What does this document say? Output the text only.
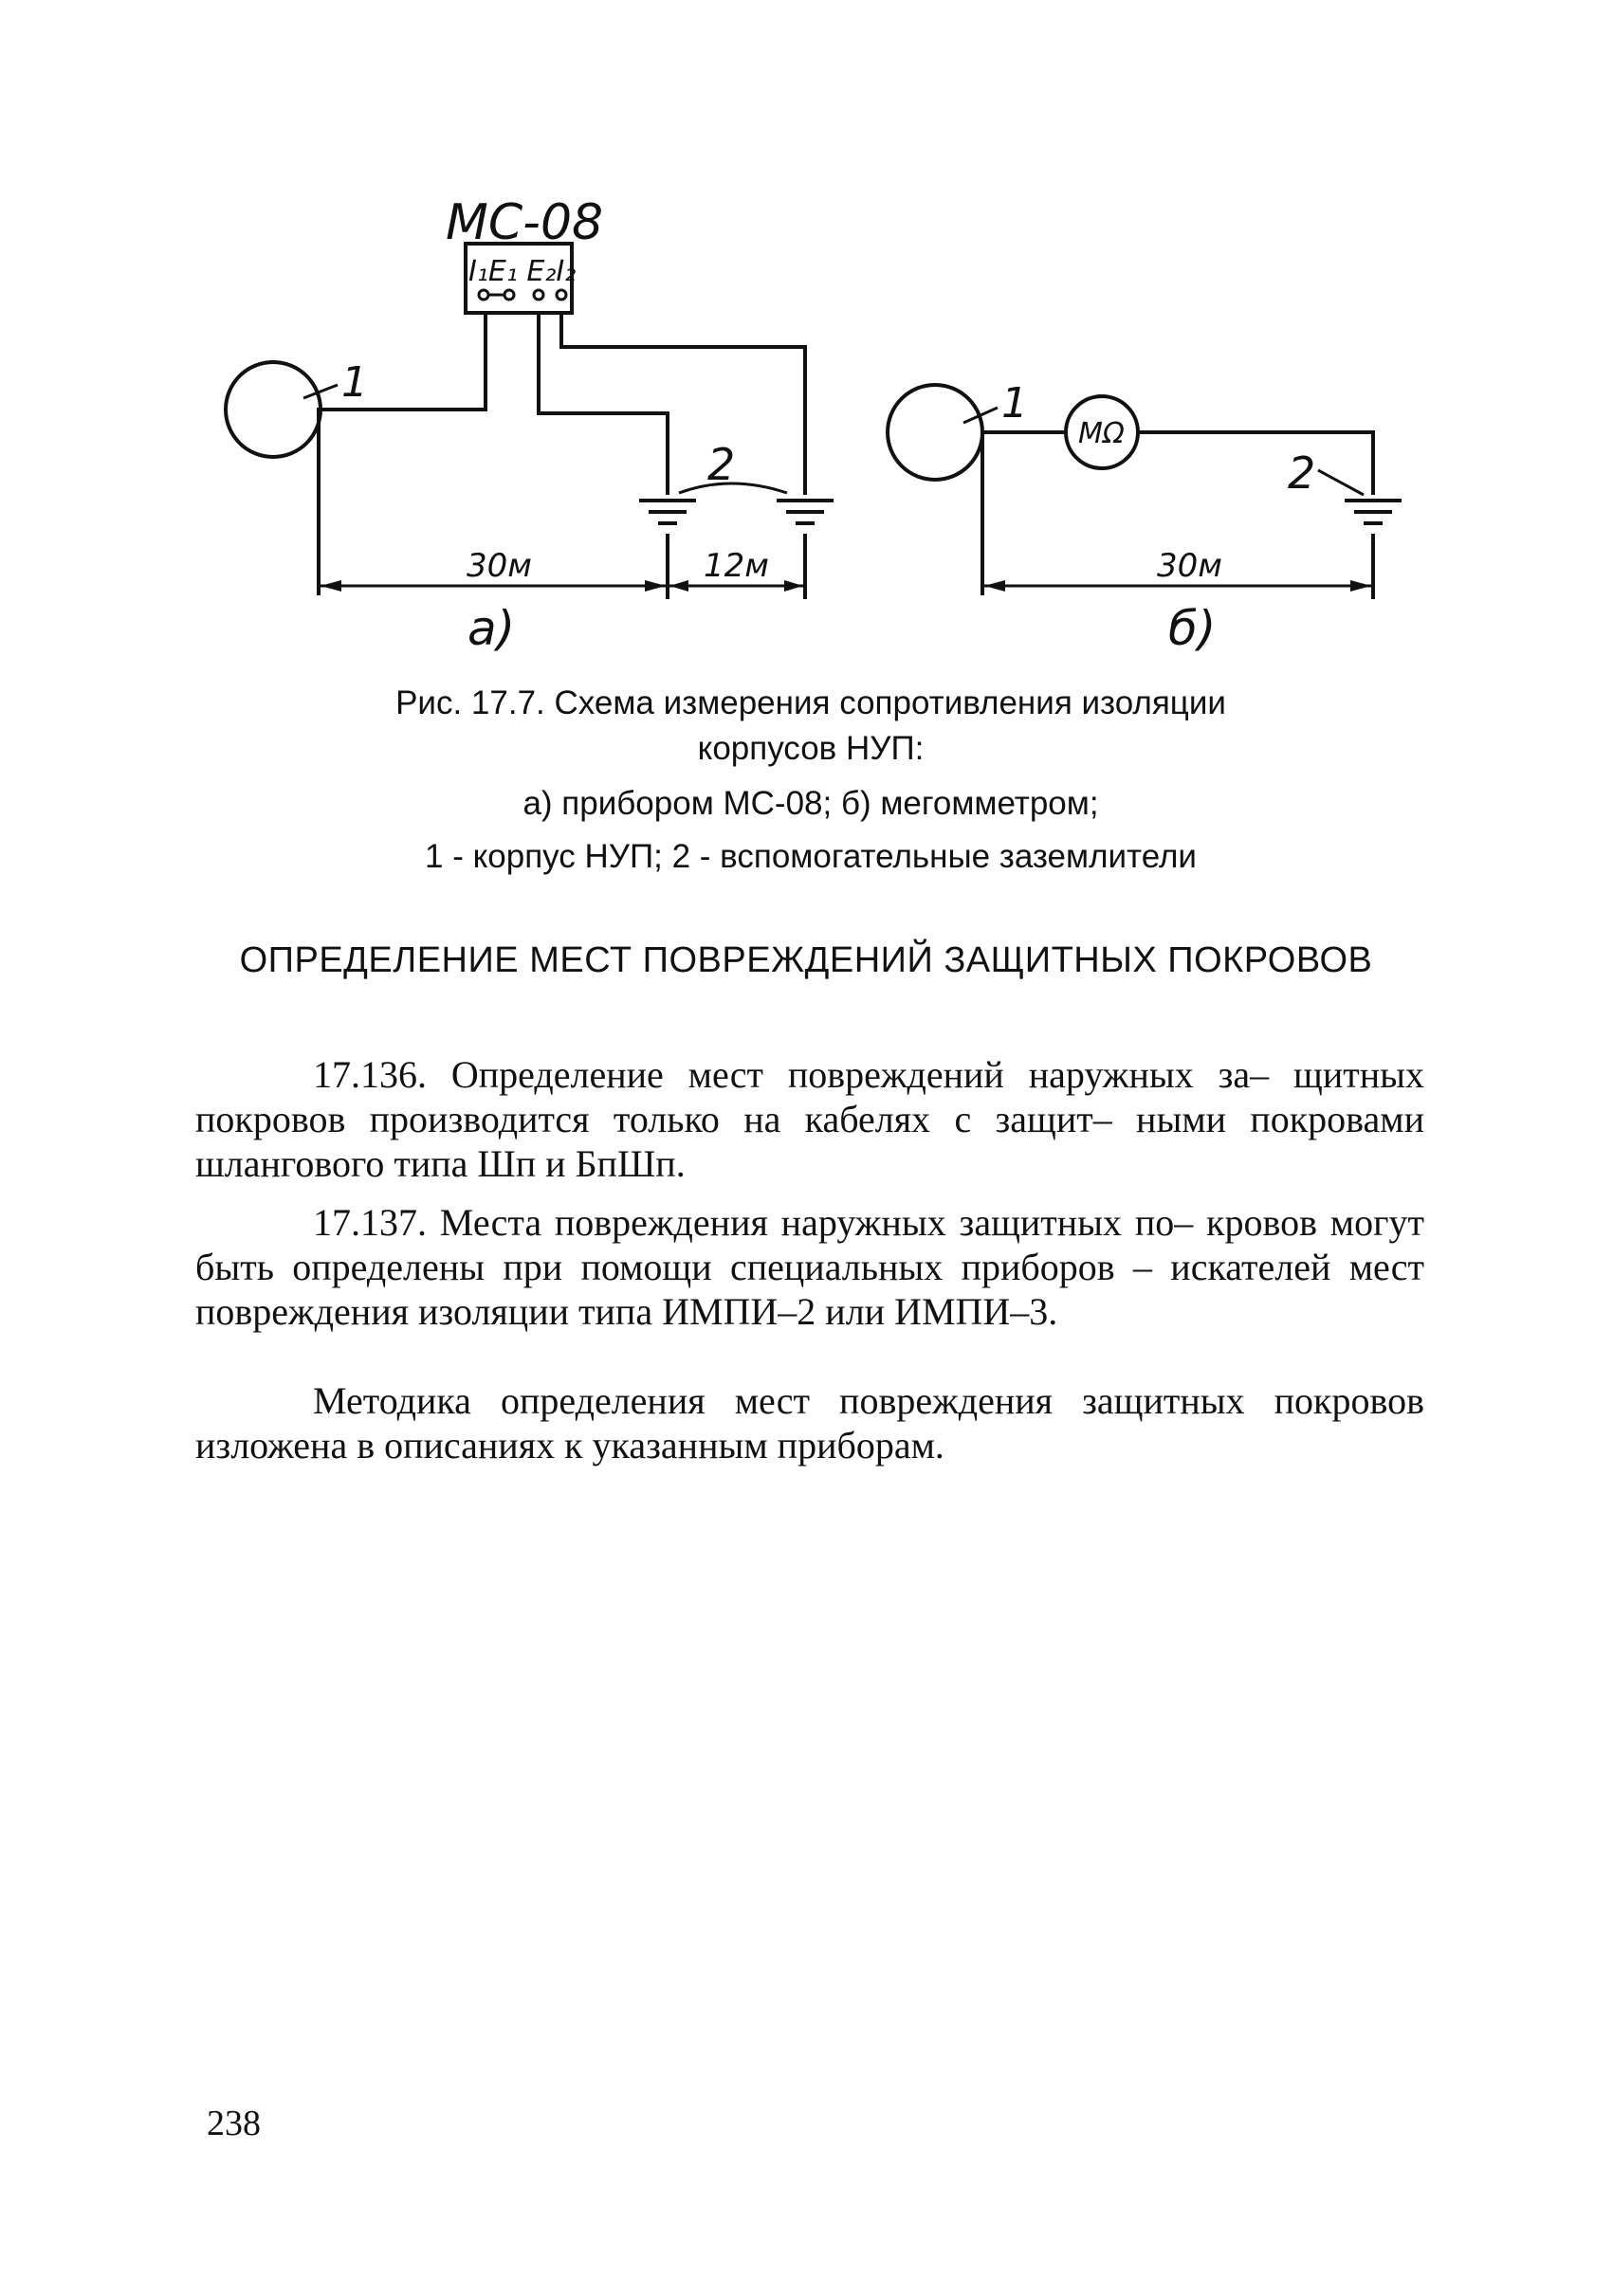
МС-08
I₁E₁ E₂I₂
1
2
30м	12м
а)
1
MΩ
2
30м
б)
Рис. 17.7. Схема измерения сопротивления изоляции
корпусов НУП:
а) прибором МС-08; б) мегомметром;
1 - корпус НУП; 2 - вспомогательные заземлители
ОПРЕДЕЛЕНИЕ МЕСТ ПОВРЕЖДЕНИЙ ЗАЩИТНЫХ ПОКРОВОВ

17.136. Определение мест повреждений наружных за– щитных покровов производится только на кабелях с защит– ными покровами шлангового типа Шп и БпШп.

17.137. Места повреждения наружных защитных по– кровов могут быть определены при помощи специальных приборов – искателей мест повреждения изоляции типа ИМПИ–2 или ИМПИ–3.

Методика определения мест повреждения защитных покровов изложена в описаниях к указанным приборам.

238
